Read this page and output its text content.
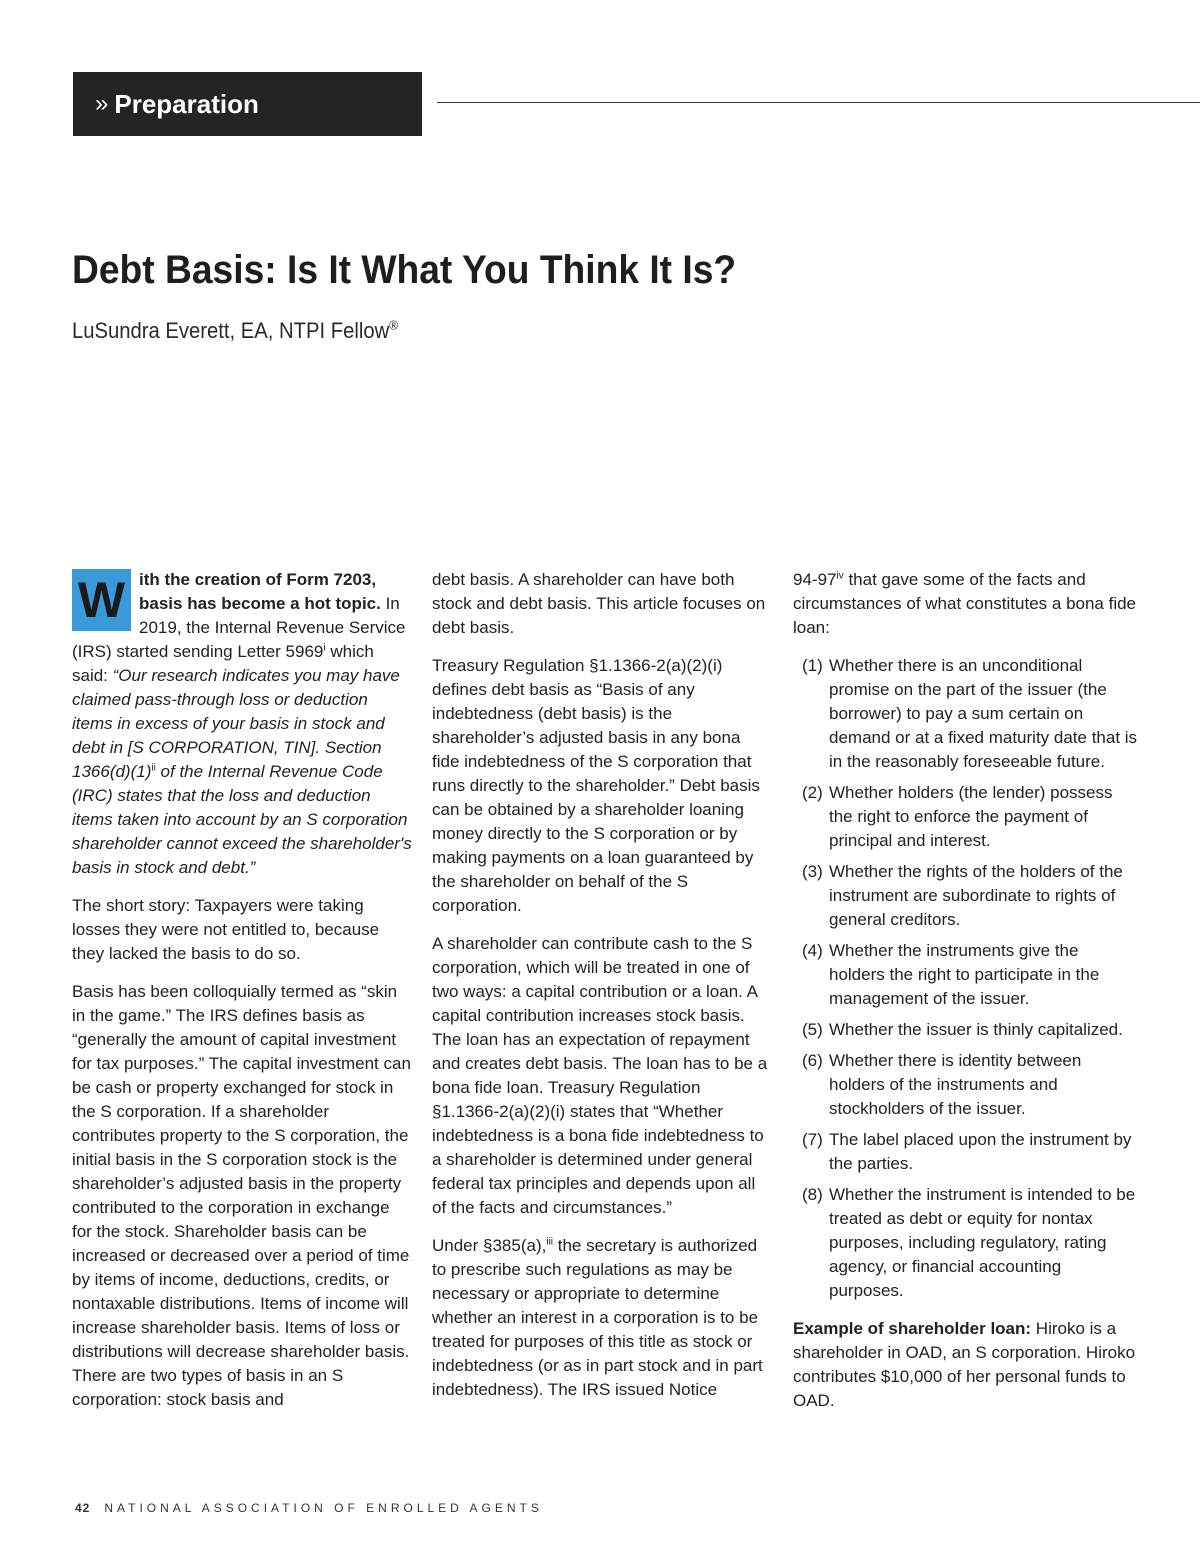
» Preparation
Debt Basis: Is It What You Think It Is?
LuSundra Everett, EA, NTPI Fellow®

W ith the creation of Form 7203, basis has become a hot topic. In 2019, the Internal Revenue Service (IRS) started sending Letter 5969$^i$ which said: “Our research indicates you may have claimed pass-through loss or deduction items in excess of your basis in stock and debt in [S CORPORATION, TIN]. Section $1366(d)(1)^{ii}$ of the Internal Revenue Code (IRC) states that the loss and deduction items taken into account by an S corporation shareholder cannot exceed the shareholder's basis in stock and debt.”

The short story: Taxpayers were taking losses they were not entitled to, because they lacked the basis to do so.

Basis has been colloquially termed as “skin in the game.” The IRS defines basis as “generally the amount of capital investment for tax purposes.” The capital investment can be cash or property exchanged for stock in the S corporation. If a shareholder contributes property to the S corporation, the initial basis in the S corporation stock is the shareholder’s adjusted basis in the property contributed to the corporation in exchange for the stock. Shareholder basis can be increased or decreased over a period of time by items of income, deductions, credits, or nontaxable distributions. Items of income will increase shareholder basis. Items of loss or distributions will decrease shareholder basis. There are two types of basis in an S corporation: stock basis and

debt basis. A shareholder can have both stock and debt basis. This article focuses on debt basis.

Treasury Regulation §1.1366-2(a)(2)(i) defines debt basis as “Basis of any indebtedness (debt basis) is the shareholder’s adjusted basis in any bona fide indebtedness of the S corporation that runs directly to the shareholder.” Debt basis can be obtained by a shareholder loaning money directly to the S corporation or by making payments on a loan guaranteed by the shareholder on behalf of the S corporation.

A shareholder can contribute cash to the S corporation, which will be treated in one of two ways: a capital contribution or a loan. A capital contribution increases stock basis. The loan has an expectation of repayment and creates debt basis. The loan has to be a bona fide loan. Treasury Regulation §1.1366-2(a)(2)(i) states that “Whether indebtedness is a bona fide indebtedness to a shareholder is determined under general federal tax principles and depends upon all of the facts and circumstances.”

Under §385(a),$^{iii}$ the secretary is authorized to prescribe such regulations as may be necessary or appropriate to determine whether an interest in a corporation is to be treated for purposes of this title as stock or indebtedness (or as in part stock and in part indebtedness). The IRS issued Notice

94-97$^{iv}$ that gave some of the facts and circumstances of what constitutes a bona fide loan:

(1) Whether there is an unconditional promise on the part of the issuer (the borrower) to pay a sum certain on demand or at a fixed maturity date that is in the reasonably foreseeable future.
(2) Whether holders (the lender) possess the right to enforce the payment of principal and interest.
(3) Whether the rights of the holders of the instrument are subordinate to rights of general creditors.
(4) Whether the instruments give the holders the right to participate in the management of the issuer.
(5) Whether the issuer is thinly capitalized.
(6) Whether there is identity between holders of the instruments and stockholders of the issuer.
(7) The label placed upon the instrument by the parties.
(8) Whether the instrument is intended to be treated as debt or equity for nontax purposes, including regulatory, rating agency, or financial accounting purposes.

Example of shareholder loan: Hiroko is a shareholder in OAD, an S corporation. Hiroko contributes $10,000 of her personal funds to OAD.

42 NATIONAL ASSOCIATION OF ENROLLED AGENTS
